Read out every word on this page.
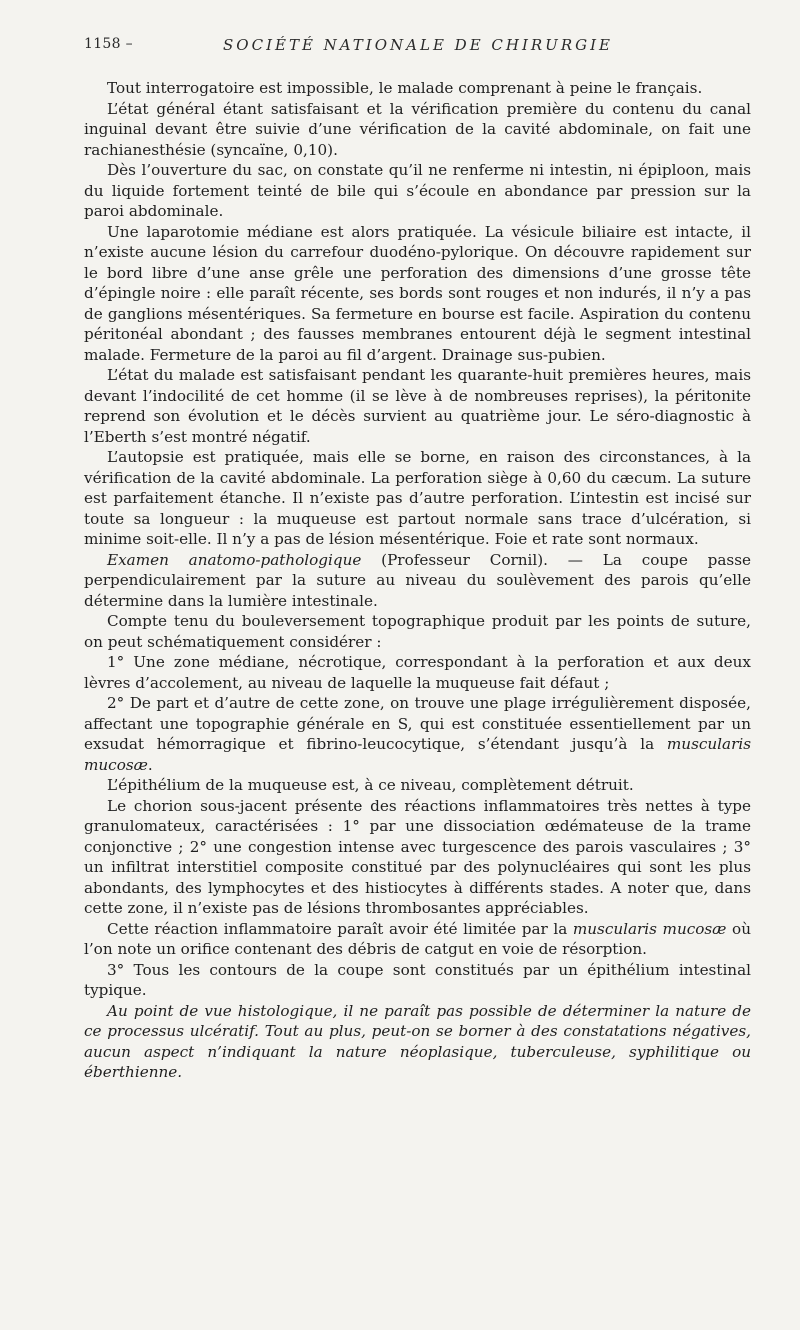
1158 –	SOCIÉTÉ NATIONALE DE CHIRURGIE

Tout interrogatoire est impossible, le malade comprenant à peine le français.

L’état général étant satisfaisant et la vérification première du contenu du canal inguinal devant être suivie d’une vérification de la cavité abdominale, on fait une rachianesthésie (syncaïne, 0,10).

Dès l’ouverture du sac, on constate qu’il ne renferme ni intestin, ni épiploon, mais du liquide fortement teinté de bile qui s’écoule en abondance par pression sur la paroi abdominale.

Une laparotomie médiane est alors pratiquée. La vésicule biliaire est intacte, il n’existe aucune lésion du carrefour duodéno-pylorique. On découvre rapidement sur le bord libre d’une anse grêle une perforation des dimensions d’une grosse tête d’épingle noire : elle paraît récente, ses bords sont rouges et non indurés, il n’y a pas de ganglions mésentériques. Sa fermeture en bourse est facile. Aspiration du contenu péritonéal abondant ; des fausses membranes entourent déjà le segment intestinal malade. Fermeture de la paroi au fil d’argent. Drainage sus-pubien.

L’état du malade est satisfaisant pendant les quarante-huit premières heures, mais devant l’indocilité de cet homme (il se lève à de nombreuses reprises), la péritonite reprend son évolution et le décès survient au quatrième jour. Le séro-diagnostic à l’Eberth s’est montré négatif.

L’autopsie est pratiquée, mais elle se borne, en raison des circonstances, à la vérification de la cavité abdominale. La perforation siège à 0,60 du cæcum. La suture est parfaitement étanche. Il n’existe pas d’autre perforation. L’intestin est incisé sur toute sa longueur : la muqueuse est partout normale sans trace d’ulcération, si minime soit-elle. Il n’y a pas de lésion mésentérique. Foie et rate sont normaux.

Examen anatomo-pathologique (Professeur Cornil). — La coupe passe perpendiculairement par la suture au niveau du soulèvement des parois qu’elle détermine dans la lumière intestinale.

Compte tenu du bouleversement topographique produit par les points de suture, on peut schématiquement considérer :

1° Une zone médiane, nécrotique, correspondant à la perforation et aux deux lèvres d’accolement, au niveau de laquelle la muqueuse fait défaut ;

2° De part et d’autre de cette zone, on trouve une plage irrégulièrement disposée, affectant une topographie générale en S, qui est constituée essentiellement par un exsudat hémorragique et fibrino-leucocytique, s’étendant jusqu’à la muscularis mucosæ.

L’épithélium de la muqueuse est, à ce niveau, complètement détruit.

Le chorion sous-jacent présente des réactions inflammatoires très nettes à type granulomateux, caractérisées : 1° par une dissociation œdémateuse de la trame conjonctive ; 2° une congestion intense avec turgescence des parois vasculaires ; 3° un infiltrat interstitiel composite constitué par des polynucléaires qui sont les plus abondants, des lymphocytes et des histiocytes à différents stades. A noter que, dans cette zone, il n’existe pas de lésions thrombosantes appréciables.

Cette réaction inflammatoire paraît avoir été limitée par la muscularis mucosæ où l’on note un orifice contenant des débris de catgut en voie de résorption.

3° Tous les contours de la coupe sont constitués par un épithélium intestinal typique.

Au point de vue histologique, il ne paraît pas possible de déterminer la nature de ce processus ulcératif. Tout au plus, peut-on se borner à des constatations négatives, aucun aspect n’indiquant la nature néoplasique, tuberculeuse, syphilitique ou éberthienne.
